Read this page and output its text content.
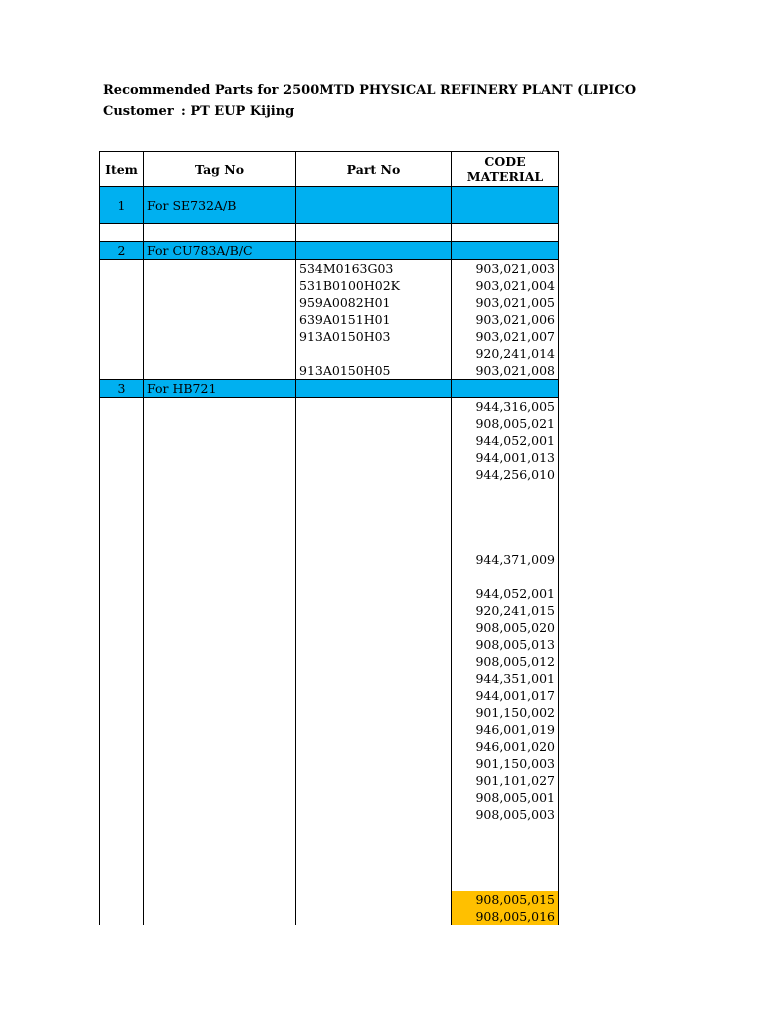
Recommended Parts for 2500MTD PHYSICAL REFINERY PLANT (LIPICO
Customer : PT EUP Kijing
Item	Tag No	Part No	CODE
MATERIAL

1	For SE732A/B		

2	For CU783A/B/C		
		534M0163G03	903,021,003
		531B0100H02K	903,021,004
		959A0082H01	903,021,005
		639A0151H01	903,021,006
		913A0150H03	903,021,007
			920,241,014
		913A0150H05	903,021,008
3	For HB721		
			944,316,005
			908,005,021
			944,052,001
			944,001,013
			944,256,010

			944,371,009

			944,052,001
			920,241,015
			908,005,020
			908,005,013
			908,005,012
			944,351,001
			944,001,017
			901,150,002
			946,001,019
			946,001,020
			901,150,003
			901,101,027
			908,005,001
			908,005,003

			908,005,015
			908,005,016
